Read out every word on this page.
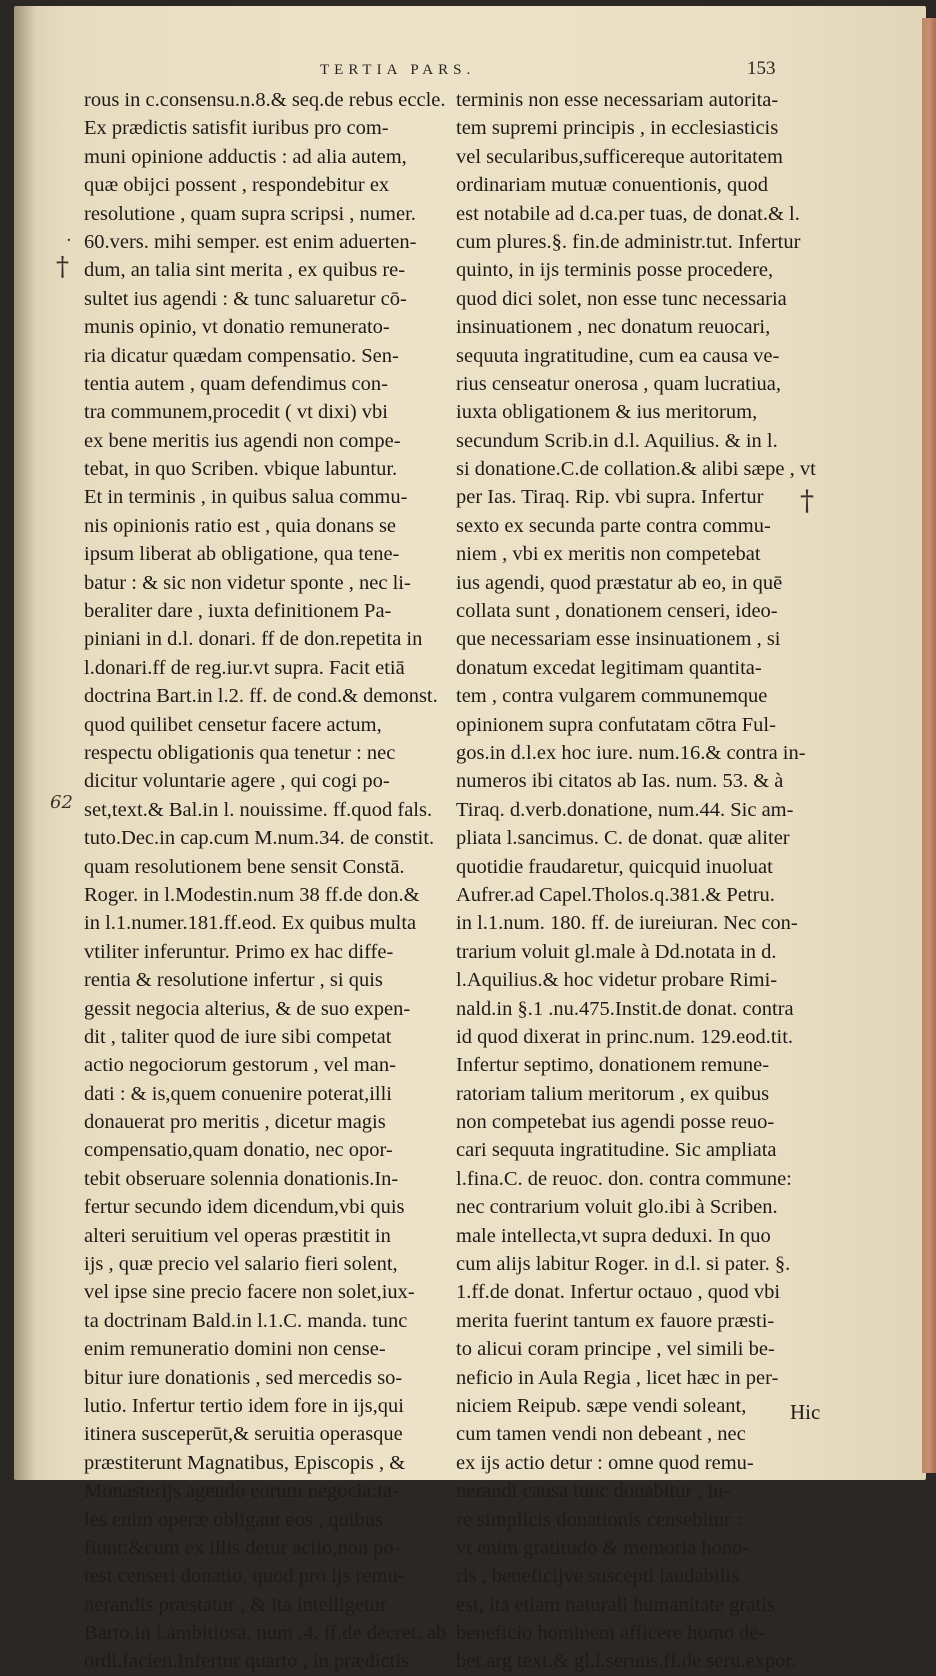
TERTIA PARS.	153
·
†
62
†
rous in c.consensu.n.8.& seq.de rebus eccle.
Ex prædictis satisfit iuribus pro com-
muni opinione adductis : ad alia autem,
quæ obijci possent , respondebitur ex
resolutione , quam supra scripsi , numer.
60.vers. mihi semper. est enim aduerten-
dum, an talia sint merita , ex quibus re-
sultet ius agendi : & tunc saluaretur cō-
munis opinio, vt donatio remunerato-
ria dicatur quædam compensatio. Sen-
tentia autem , quam defendimus con-
tra communem,procedit ( vt dixi) vbi
ex bene meritis ius agendi non compe-
tebat, in quo Scriben. vbique labuntur.
Et in terminis , in quibus salua commu-
nis opinionis ratio est , quia donans se
ipsum liberat ab obligatione, qua tene-
batur : & sic non videtur sponte , nec li-
beraliter dare , iuxta definitionem Pa-
piniani in d.l. donari. ff de don.repetita in
l.donari.ff de reg.iur.vt supra. Facit etiā
doctrina Bart.in l.2. ff. de cond.& demonst.
quod quilibet censetur facere actum,
respectu obligationis qua tenetur : nec
dicitur voluntarie agere , qui cogi po-
set,text.& Bal.in l. nouissime. ff.quod fals.
tuto.Dec.in cap.cum M.num.34. de constit.
quam resolutionem bene sensit Constā.
Roger. in l.Modestin.num 38 ff.de don.&
in l.1.numer.181.ff.eod. Ex quibus multa
vtiliter inferuntur. Primo ex hac diffe-
rentia & resolutione infertur , si quis
gessit negocia alterius, & de suo expen-
dit , taliter quod de iure sibi competat
actio negociorum gestorum , vel man-
dati : & is,quem conuenire poterat,illi
donauerat pro meritis , dicetur magis
compensatio,quam donatio, nec opor-
tebit obseruare solennia donationis.In-
fertur secundo idem dicendum,vbi quis
alteri seruitium vel operas præstitit in
ijs , quæ precio vel salario fieri solent,
vel ipse sine precio facere non solet,iux-
ta doctrinam Bald.in l.1.C. manda. tunc
enim remuneratio domini non cense-
bitur iure donationis , sed mercedis so-
lutio. Infertur tertio idem fore in ijs,qui
itinera susceperūt,& seruitia operasque
præstiterunt Magnatibus, Episcopis , &
Monasterijs agendo eorum negocia:ta-
les enim operæ obligant eos , quibus
fiunt:&cum ex illis detur actio,non po-
test censeri donatio, quod pro ijs remu-
nerandis præstatur , & ita intelligetur
Barto.in l.ambitiosa. num .4. ff.de decret. ab
ordi.facien.Infertur quarto , in prædictis
terminis non esse necessariam autorita-
tem supremi principis , in ecclesiasticis
vel secularibus,sufficereque autoritatem
ordinariam mutuæ conuentionis, quod
est notabile ad d.ca.per tuas, de donat.& l.
cum plures.§. fin.de administr.tut. Infertur
quinto, in ijs terminis posse procedere,
quod dici solet, non esse tunc necessaria
insinuationem , nec donatum reuocari,
sequuta ingratitudine, cum ea causa ve-
rius censeatur onerosa , quam lucratiua,
iuxta obligationem & ius meritorum,
secundum Scrib.in d.l. Aquilius. & in l.
si donatione.C.de collation.& alibi sæpe , vt
per Ias. Tiraq. Rip. vbi supra. Infertur
sexto ex secunda parte contra commu-
niem , vbi ex meritis non competebat
ius agendi, quod præstatur ab eo, in quē
collata sunt , donationem censeri, ideo-
que necessariam esse insinuationem , si
donatum excedat legitimam quantita-
tem , contra vulgarem communemque
opinionem supra confutatam cōtra Ful-
gos.in d.l.ex hoc iure. num.16.& contra in-
numeros ibi citatos ab Ias. num. 53. & à
Tiraq. d.verb.donatione, num.44. Sic am-
pliata l.sancimus. C. de donat. quæ aliter
quotidie fraudaretur, quicquid inuoluat
Aufrer.ad Capel.Tholos.q.381.& Petru.
in l.1.num. 180. ff. de iureiuran. Nec con-
trarium voluit gl.male à Dd.notata in d.
l.Aquilius.& hoc videtur probare Rimi-
nald.in §.1 .nu.475.Instit.de donat. contra
id quod dixerat in princ.num. 129.eod.tit.
Infertur septimo, donationem remune-
ratoriam talium meritorum , ex quibus
non competebat ius agendi posse reuo-
cari sequuta ingratitudine. Sic ampliata
l.fina.C. de reuoc. don. contra commune:
nec contrarium voluit glo.ibi à Scriben.
male intellecta,vt supra deduxi. In quo
cum alijs labitur Roger. in d.l. si pater. §.
1.ff.de donat. Infertur octauo , quod vbi
merita fuerint tantum ex fauore præsti-
to alicui coram principe , vel simili be-
neficio in Aula Regia , licet hæc in per-
niciem Reipub. sæpe vendi soleant,
cum tamen vendi non debeant , nec
ex ijs actio detur : omne quod remu-
nerandi causa tunc donabitur , iu-
re simplicis donationis censebitur :
vt enim gratitudo & memoria hono-
ris , beneficijve suscepti laudabilis
est, ita etiam naturali humanitate gratis
beneficio hominem afficere homo de-
bet.arg text.& gl.l.seruus.ff.de seru.expor.
Hic
